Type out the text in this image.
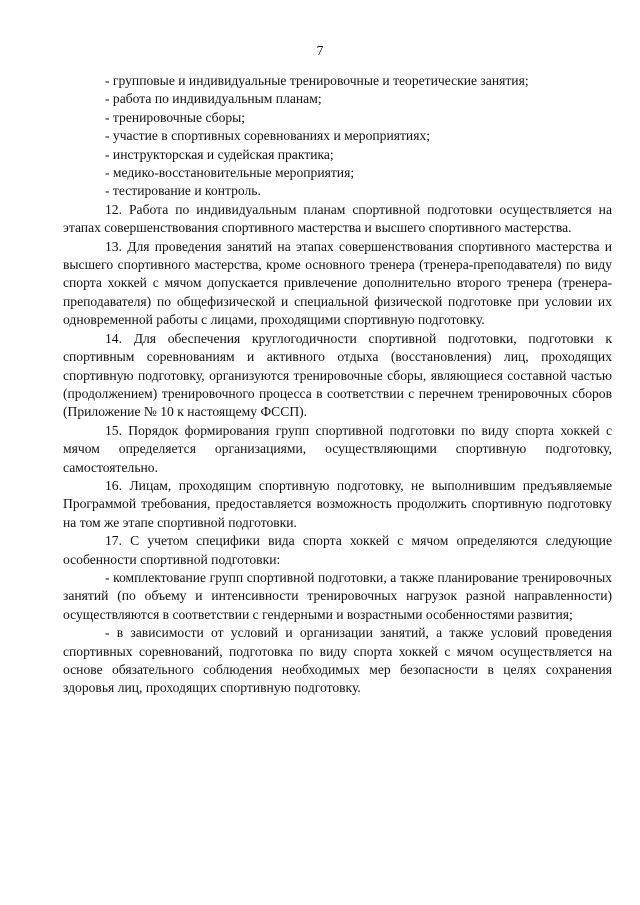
7

- групповые и индивидуальные тренировочные и теоретические занятия;

- работа по индивидуальным планам;

- тренировочные сборы;

- участие в спортивных соревнованиях и мероприятиях;

- инструкторская и судейская практика;

- медико-восстановительные мероприятия;

- тестирование и контроль.

12. Работа по индивидуальным планам спортивной подготовки осуществляется на этапах совершенствования спортивного мастерства и высшего спортивного мастерства.

13. Для проведения занятий на этапах совершенствования спортивного мастерства и высшего спортивного мастерства, кроме основного тренера (тренера-преподавателя) по виду спорта хоккей с мячом допускается привлечение дополнительно второго тренера (тренера-преподавателя) по общефизической и специальной физической подготовке при условии их одновременной работы с лицами, проходящими спортивную подготовку.

14. Для обеспечения круглогодичности спортивной подготовки, подготовки к спортивным соревнованиям и активного отдыха (восстановления) лиц, проходящих спортивную подготовку, организуются тренировочные сборы, являющиеся составной частью (продолжением) тренировочного процесса в соответствии с перечнем тренировочных сборов (Приложение № 10 к настоящему ФССП).

15. Порядок формирования групп спортивной подготовки по виду спорта хоккей с мячом определяется организациями, осуществляющими спортивную подготовку, самостоятельно.

16. Лицам, проходящим спортивную подготовку, не выполнившим предъявляемые Программой требования, предоставляется возможность продолжить спортивную подготовку на том же этапе спортивной подготовки.

17. С учетом специфики вида спорта хоккей с мячом определяются следующие особенности спортивной подготовки:

- комплектование групп спортивной подготовки, а также планирование тренировочных занятий (по объему и интенсивности тренировочных нагрузок разной направленности) осуществляются в соответствии с гендерными и возрастными особенностями развития;

- в зависимости от условий и организации занятий, а также условий проведения спортивных соревнований, подготовка по виду спорта хоккей с мячом осуществляется на основе обязательного соблюдения необходимых мер безопасности в целях сохранения здоровья лиц, проходящих спортивную подготовку.
